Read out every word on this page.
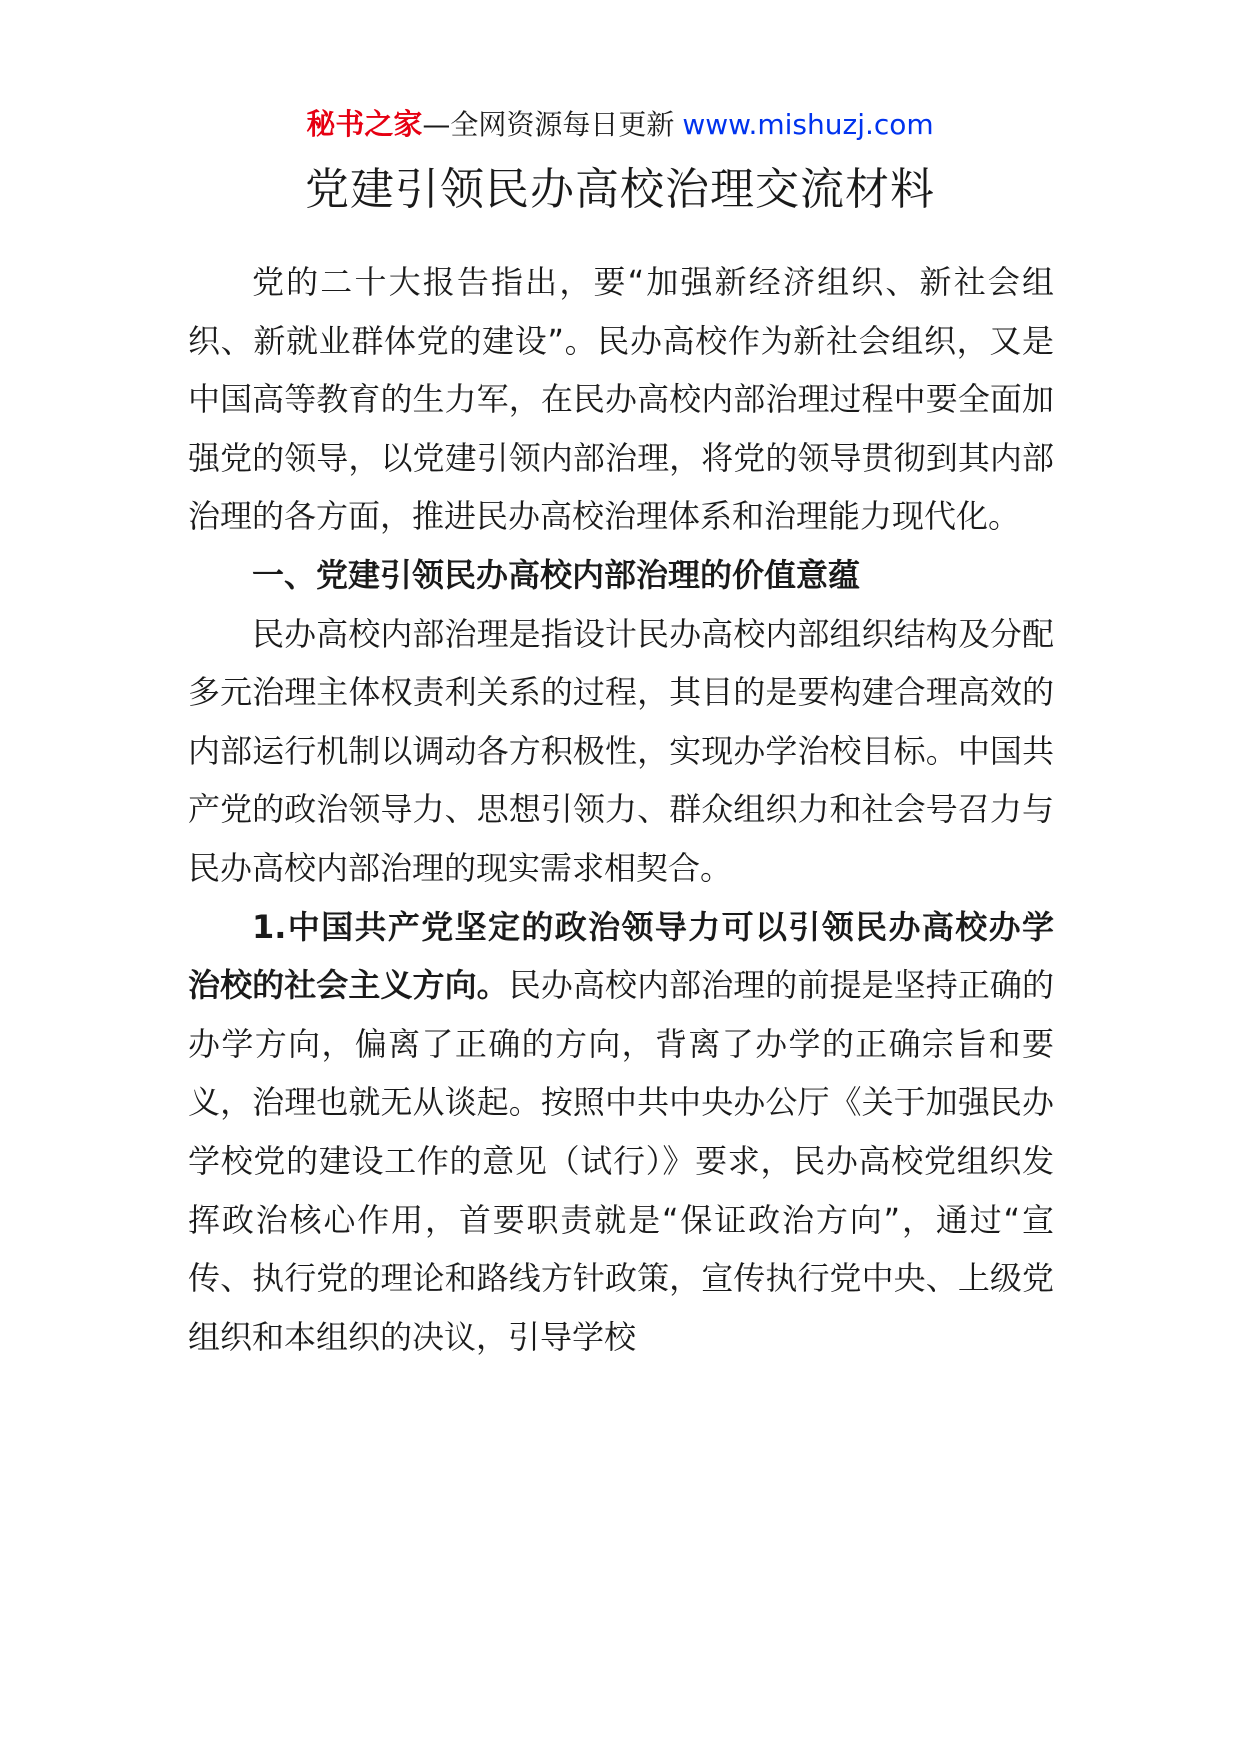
秘书之家—全网资源每日更新 www.mishuzj.com
党建引领民办高校治理交流材料

党的二十大报告指出，要“加强新经济组织、新社会组织、新就业群体党的建设”。民办高校作为新社会组织，又是中国高等教育的生力军，在民办高校内部治理过程中要全面加强党的领导，以党建引领内部治理，将党的领导贯彻到其内部治理的各方面，推进民办高校治理体系和治理能力现代化。

一、党建引领民办高校内部治理的价值意蕴

民办高校内部治理是指设计民办高校内部组织结构及分配多元治理主体权责利关系的过程，其目的是要构建合理高效的内部运行机制以调动各方积极性，实现办学治校目标。中国共产党的政治领导力、思想引领力、群众组织力和社会号召力与民办高校内部治理的现实需求相契合。

1.中国共产党坚定的政治领导力可以引领民办高校办学治校的社会主义方向。民办高校内部治理的前提是坚持正确的办学方向，偏离了正确的方向，背离了办学的正确宗旨和要义，治理也就无从谈起。按照中共中央办公厅《关于加强民办学校党的建设工作的意见（试行）》要求，民办高校党组织发挥政治核心作用，首要职责就是“保证政治方向”，通过“宣传、执行党的理论和路线方针政策，宣传执行党中央、上级党组织和本组织的决议，引导学校
